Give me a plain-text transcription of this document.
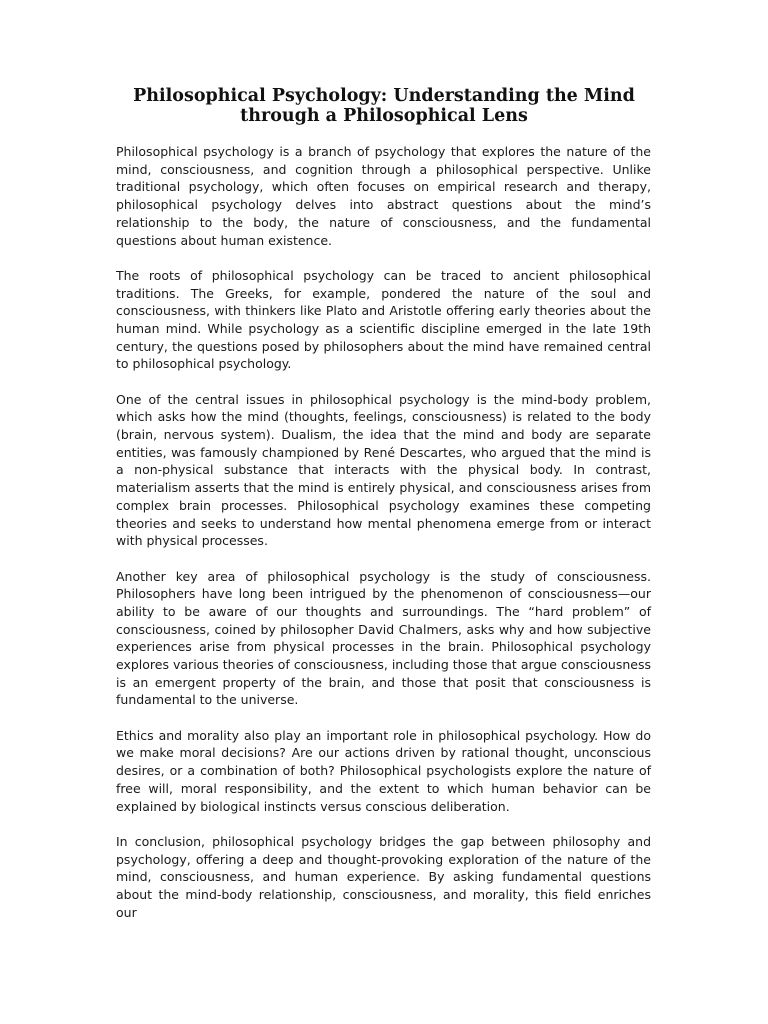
Philosophical Psychology: Understanding the Mind through a Philosophical Lens

Philosophical psychology is a branch of psychology that explores the nature of the mind, consciousness, and cognition through a philosophical perspective. Unlike traditional psychology, which often focuses on empirical research and therapy, philosophical psychology delves into abstract questions about the mind’s relationship to the body, the nature of consciousness, and the fundamental questions about human existence.

The roots of philosophical psychology can be traced to ancient philosophical traditions. The Greeks, for example, pondered the nature of the soul and consciousness, with thinkers like Plato and Aristotle offering early theories about the human mind. While psychology as a scientific discipline emerged in the late 19th century, the questions posed by philosophers about the mind have remained central to philosophical psychology.

One of the central issues in philosophical psychology is the mind-body problem, which asks how the mind (thoughts, feelings, consciousness) is related to the body (brain, nervous system). Dualism, the idea that the mind and body are separate entities, was famously championed by René Descartes, who argued that the mind is a non-physical substance that interacts with the physical body. In contrast, materialism asserts that the mind is entirely physical, and consciousness arises from complex brain processes. Philosophical psychology examines these competing theories and seeks to understand how mental phenomena emerge from or interact with physical processes.

Another key area of philosophical psychology is the study of consciousness. Philosophers have long been intrigued by the phenomenon of consciousness—our ability to be aware of our thoughts and surroundings. The “hard problem” of consciousness, coined by philosopher David Chalmers, asks why and how subjective experiences arise from physical processes in the brain. Philosophical psychology explores various theories of consciousness, including those that argue consciousness is an emergent property of the brain, and those that posit that consciousness is fundamental to the universe.

Ethics and morality also play an important role in philosophical psychology. How do we make moral decisions? Are our actions driven by rational thought, unconscious desires, or a combination of both? Philosophical psychologists explore the nature of free will, moral responsibility, and the extent to which human behavior can be explained by biological instincts versus conscious deliberation.

In conclusion, philosophical psychology bridges the gap between philosophy and psychology, offering a deep and thought-provoking exploration of the nature of the mind, consciousness, and human experience. By asking fundamental questions about the mind-body relationship, consciousness, and morality, this field enriches our
